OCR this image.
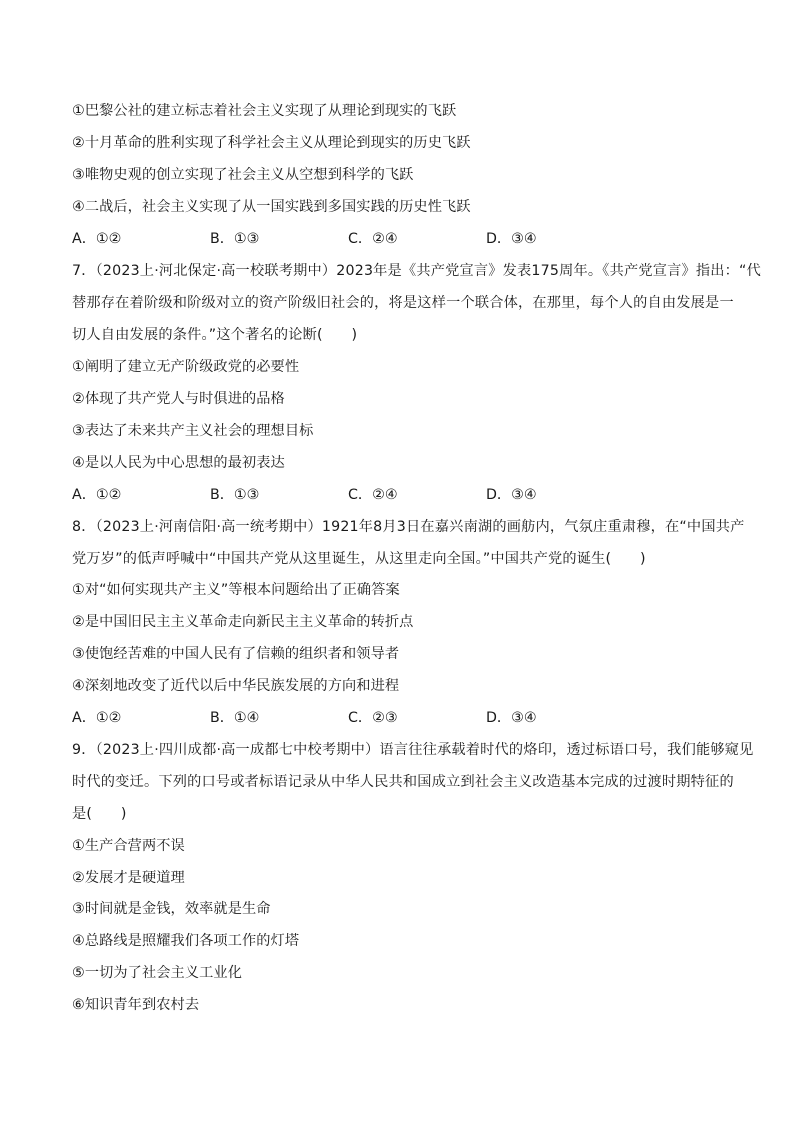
①巴黎公社的建立标志着社会主义实现了从理论到现实的飞跃
②十月革命的胜利实现了科学社会主义从理论到现实的历史飞跃
③唯物史观的创立实现了社会主义从空想到科学的飞跃
④二战后，社会主义实现了从一国实践到多国实践的历史性飞跃
A．①②	B．①③	C．②④	D．③④
7．（2023上·河北保定·高一校联考期中）2023年是《共产党宣言》发表175周年。《共产党宣言》指出：“代
替那存在着阶级和阶级对立的资产阶级旧社会的，将是这样一个联合体，在那里，每个人的自由发展是一
切人自由发展的条件。”这个著名的论断(　　)
①阐明了建立无产阶级政党的必要性
②体现了共产党人与时俱进的品格
③表达了未来共产主义社会的理想目标
④是以人民为中心思想的最初表达
A．①②	B．①③	C．②④	D．③④
8．（2023上·河南信阳·高一统考期中）1921年8月3日在嘉兴南湖的画舫内，气氛庄重肃穆，在“中国共产
党万岁”的低声呼喊中“中国共产党从这里诞生，从这里走向全国。”中国共产党的诞生(　　)
①对“如何实现共产主义”等根本问题给出了正确答案
②是中国旧民主主义革命走向新民主主义革命的转折点
③使饱经苦难的中国人民有了信赖的组织者和领导者
④深刻地改变了近代以后中华民族发展的方向和进程
A．①②	B．①④	C．②③	D．③④
9．（2023上·四川成都·高一成都七中校考期中）语言往往承载着时代的烙印，透过标语口号，我们能够窥见
时代的变迁。下列的口号或者标语记录从中华人民共和国成立到社会主义改造基本完成的过渡时期特征的
是(　　)
①生产合营两不误
②发展才是硬道理
③时间就是金钱，效率就是生命
④总路线是照耀我们各项工作的灯塔
⑤一切为了社会主义工业化
⑥知识青年到农村去
